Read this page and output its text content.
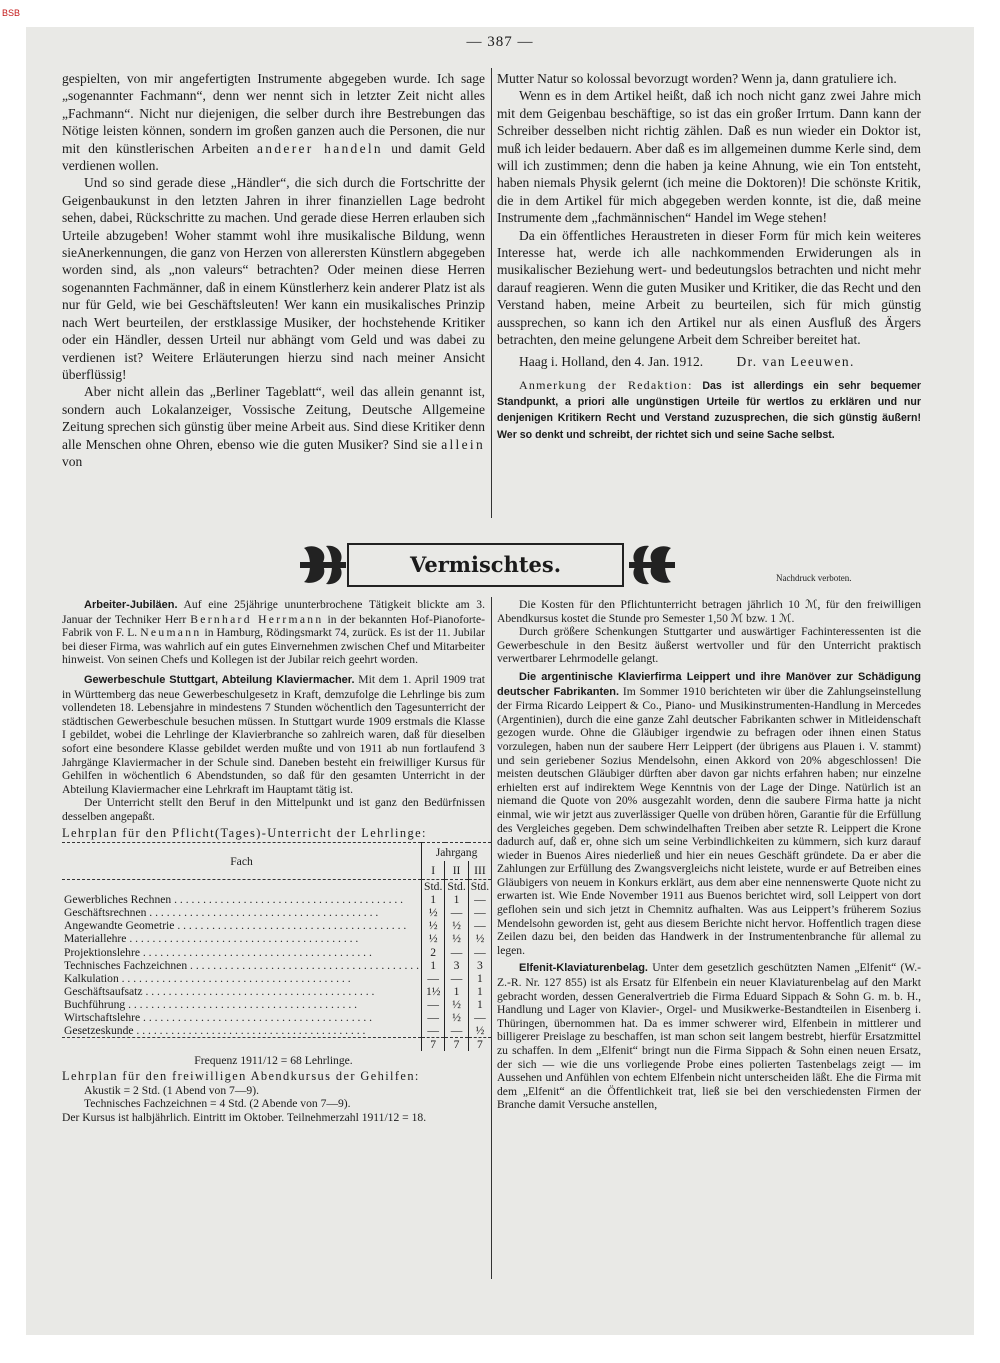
BSB
— 387 —

gespielten, von mir angefertigten Instrumente abgegeben wurde. Ich sage „sogenannter Fachmann“, denn wer nennt sich in letzter Zeit nicht alles „Fachmann“. Nicht nur diejenigen, die selber durch ihre Bestrebungen das Nötige leisten können, sondern im großen ganzen auch die Personen, die nur mit den künstlerischen Arbeiten anderer handeln und damit Geld verdienen wollen.

Und so sind gerade diese „Händler“, die sich durch die Fortschritte der Geigenbaukunst in den letzten Jahren in ihrer finanziellen Lage bedroht sehen, dabei, Rückschritte zu machen. Und gerade diese Herren erlauben sich Urteile abzugeben! Woher stammt wohl ihre musikalische Bildung, wenn sieAnerkennungen, die ganz von Herzen von allerersten Künstlern abgegeben worden sind, als „non valeurs“ betrachten? Oder meinen diese Herren sogenannten Fachmänner, daß in einem Künstlerherz kein anderer Platz ist als nur für Geld, wie bei Geschäftsleuten! Wer kann ein musikalisches Prinzip nach Wert beurteilen, der erstklassige Musiker, der hochstehende Kritiker oder ein Händler, dessen Urteil nur abhängt vom Geld und was dabei zu verdienen ist? Weitere Erläuterungen hierzu sind nach meiner Ansicht überflüssig!

Aber nicht allein das „Berliner Tageblatt“, weil das allein genannt ist, sondern auch Lokalanzeiger, Vossische Zeitung, Deutsche Allgemeine Zeitung sprechen sich günstig über meine Arbeit aus. Sind diese Kritiker denn alle Menschen ohne Ohren, ebenso wie die guten Musiker? Sind sie allein von

Mutter Natur so kolossal bevorzugt worden? Wenn ja, dann gratuliere ich.

Wenn es in dem Artikel heißt, daß ich noch nicht ganz zwei Jahre mich mit dem Geigenbau beschäftige, so ist das ein großer Irrtum. Dann kann der Schreiber desselben nicht richtig zählen. Daß es nun wieder ein Doktor ist, muß ich leider bedauern. Aber daß es im allgemeinen dumme Kerle sind, dem will ich zustimmen; denn die haben ja keine Ahnung, wie ein Ton entsteht, haben niemals Physik gelernt (ich meine die Doktoren)! Die schönste Kritik, die in dem Artikel für mich abgegeben werden konnte, ist die, daß meine Instrumente dem „fachmännischen“ Handel im Wege stehen!

Da ein öffentliches Heraustreten in dieser Form für mich kein weiteres Interesse hat, werde ich alle nachkommenden Erwiderungen als in musikalischer Beziehung wert- und bedeutungslos betrachten und nicht mehr darauf reagieren. Wenn die guten Musiker und Kritiker, die das Recht und den Verstand haben, meine Arbeit zu beurteilen, sich für mich günstig aussprechen, so kann ich den Artikel nur als einen Ausfluß des Ärgers betrachten, den meine gelungene Arbeit dem Schreiber bereitet hat.

Haag i. Holland, den 4. Jan. 1912. Dr. van Leeuwen.

Anmerkung der Redaktion: Das ist allerdings ein sehr bequemer Standpunkt, a priori alle ungünstigen Urteile für wertlos zu erklären und nur denjenigen Kritikern Recht und Verstand zuzusprechen, die sich günstig äußern! Wer so denkt und schreibt, der richtet sich und seine Sache selbst.

Vermischtes.
Nachdruck verboten.

Arbeiter-Jubiläen. Auf eine 25jährige ununterbrochene Tätigkeit blickte am 3. Januar der Techniker Herr Bernhard Herrmann in der bekannten Hof-Pianoforte-Fabrik von F. L. Neumann in Hamburg, Rödingsmarkt 74, zurück. Es ist der 11. Jubilar bei dieser Firma, was wahrlich auf ein gutes Einvernehmen zwischen Chef und Mitarbeiter hinweist. Von seinen Chefs und Kollegen ist der Jubilar reich geehrt worden.

Gewerbeschule Stuttgart, Abteilung Klaviermacher. Mit dem 1. April 1909 trat in Württemberg das neue Gewerbeschulgesetz in Kraft, demzufolge die Lehrlinge bis zum vollendeten 18. Lebensjahre in mindestens 7 Stunden wöchentlich den Tagesunterricht der städtischen Gewerbeschule besuchen müssen. In Stuttgart wurde 1909 erstmals die Klasse I gebildet, wobei die Lehrlinge der Klavierbranche so zahlreich waren, daß für dieselben sofort eine besondere Klasse gebildet werden mußte und von 1911 ab nun fortlaufend 3 Jahrgänge Klaviermacher in der Schule sind. Daneben besteht ein freiwilliger Kursus für Gehilfen in wöchentlich 6 Abendstunden, so daß für den gesamten Unterricht in der Abteilung Klaviermacher eine Lehrkraft im Hauptamt tätig ist.

Der Unterricht stellt den Beruf in den Mittelpunkt und ist ganz den Bedürfnissen desselben angepaßt.

Lehrplan für den Pflicht(Tages)-Unterricht der Lehrlinge:

Fach	Jahrgang		
	I	II	III
	Std.	Std.	Std.
Gewerbliches Rechnen . . . . . . . . . . . . . . . . . . . . . . . . . . . . . . . . . . . . . . . .	1	1	—
Geschäftsrechnen . . . . . . . . . . . . . . . . . . . . . . . . . . . . . . . . . . . . . . . .	½	—	—
Angewandte Geometrie . . . . . . . . . . . . . . . . . . . . . . . . . . . . . . . . . . . . . . . .	½	½	—
Materiallehre . . . . . . . . . . . . . . . . . . . . . . . . . . . . . . . . . . . . . . . .	½	½	½
Projektionslehre . . . . . . . . . . . . . . . . . . . . . . . . . . . . . . . . . . . . . . . .	2	—	—
Technisches Fachzeichnen . . . . . . . . . . . . . . . . . . . . . . . . . . . . . . . . . . . . . . . .	1	3	3
Kalkulation . . . . . . . . . . . . . . . . . . . . . . . . . . . . . . . . . . . . . . . .	—	—	1
Geschäftsaufsatz . . . . . . . . . . . . . . . . . . . . . . . . . . . . . . . . . . . . . . . .	1½	1	1
Buchführung . . . . . . . . . . . . . . . . . . . . . . . . . . . . . . . . . . . . . . . .	—	½	1
Wirtschaftslehre . . . . . . . . . . . . . . . . . . . . . . . . . . . . . . . . . . . . . . . .	—	½	—
Gesetzeskunde . . . . . . . . . . . . . . . . . . . . . . . . . . . . . . . . . . . . . . . .	—	—	½
	7	7	7

Frequenz 1911/12 = 68 Lehrlinge.

Lehrplan für den freiwilligen Abendkursus der Gehilfen:

Akustik = 2 Std. (1 Abend von 7—9).

Technisches Fachzeichnen = 4 Std. (2 Abende von 7—9).

Der Kursus ist halbjährlich. Eintritt im Oktober. Teilnehmerzahl 1911/12 = 18.

Die Kosten für den Pflichtunterricht betragen jährlich 10 ℳ, für den freiwilligen Abendkursus kostet die Stunde pro Semester 1,50 ℳ bzw. 1 ℳ.

Durch größere Schenkungen Stuttgarter und auswärtiger Fachinteressenten ist die Gewerbeschule in den Besitz äußerst wertvoller und für den Unterricht praktisch verwertbarer Lehrmodelle gelangt.

Die argentinische Klavierfirma Leippert und ihre Manöver zur Schädigung deutscher Fabrikanten. Im Sommer 1910 berichteten wir über die Zahlungseinstellung der Firma Ricardo Leippert & Co., Piano- und Musikinstrumenten-Handlung in Mercedes (Argentinien), durch die eine ganze Zahl deutscher Fabrikanten schwer in Mitleidenschaft gezogen wurde. Ohne die Gläubiger irgendwie zu befragen oder ihnen einen Status vorzulegen, haben nun der saubere Herr Leippert (der übrigens aus Plauen i. V. stammt) und sein geriebener Sozius Mendelsohn, einen Akkord von 20% abgeschlossen! Die meisten deutschen Gläubiger dürften aber davon gar nichts erfahren haben; nur einzelne erhielten erst auf indirektem Wege Kenntnis von der Lage der Dinge. Natürlich ist an niemand die Quote von 20% ausgezahlt worden, denn die saubere Firma hatte ja nicht einmal, wie wir jetzt aus zuverlässiger Quelle von drüben hören, Garantie für die Erfüllung des Vergleiches gegeben. Dem schwindelhaften Treiben aber setzte R. Leippert die Krone dadurch auf, daß er, ohne sich um seine Verbindlichkeiten zu kümmern, sich kurz darauf wieder in Buenos Aires niederließ und hier ein neues Geschäft gründete. Da er aber die Zahlungen zur Erfüllung des Zwangsvergleichs nicht leistete, wurde er auf Betreiben eines Gläubigers von neuem in Konkurs erklärt, aus dem aber eine nennenswerte Quote nicht zu erwarten ist. Wie Ende November 1911 aus Buenos berichtet wird, soll Leippert von dort geflohen sein und sich jetzt in Chemnitz aufhalten. Was aus Leippert’s früherem Sozius Mendelsohn geworden ist, geht aus diesem Berichte nicht hervor. Hoffentlich tragen diese Zeilen dazu bei, den beiden das Handwerk in der Instrumentenbranche für allemal zu legen.

Elfenit-Klaviaturenbelag. Unter dem gesetzlich geschützten Namen „Elfenit“ (W.-Z.-R. Nr. 127 855) ist als Ersatz für Elfenbein ein neuer Klaviaturenbelag auf den Markt gebracht worden, dessen Generalvertrieb die Firma Eduard Sippach & Sohn G. m. b. H., Handlung und Lager von Klavier-, Orgel- und Musikwerke-Bestandteilen in Eisenberg i. Thüringen, übernommen hat. Da es immer schwerer wird, Elfenbein in mittlerer und billigerer Preislage zu beschaffen, ist man schon seit langem bestrebt, hierfür Ersatzmittel zu schaffen. In dem „Elfenit“ bringt nun die Firma Sippach & Sohn einen neuen Ersatz, der sich — wie die uns vorliegende Probe eines polierten Tastenbelags zeigt — im Aussehen und Anfühlen von echtem Elfenbein nicht unterscheiden läßt. Ehe die Firma mit dem „Elfenit“ an die Öffentlichkeit trat, ließ sie bei den verschiedensten Firmen der Branche damit Versuche anstellen,
